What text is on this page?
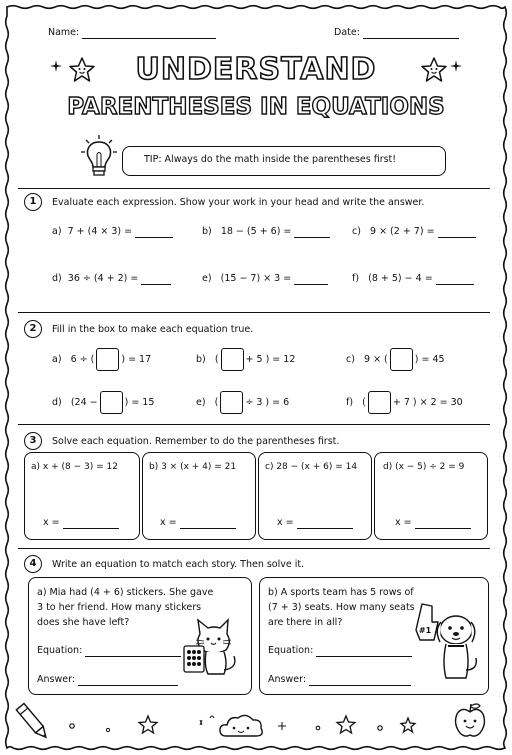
Name:	Date:
UNDERSTAND
PARENTHESES IN EQUATIONS
TIP: Always do the math inside the parentheses first!
1	Evaluate each expression. Show your work in your head and write the answer.
a) 7 + (4 × 3) =	b) 18 − (5 + 6) =	c) 9 × (2 + 7) =
d) 36 ÷ (4 + 2) =	e) (15 − 7) × 3 =	f) (8 + 5) − 4 =
2	Fill in the box to make each equation true.
a) 6 ÷ (	) = 17	b) (	+ 5 ) = 12	c) 9 × (	) = 45
d) (24 −	) = 15	e) (	÷ 3 ) = 6	f) (	+ 7 ) × 2 = 30
3	Solve each equation. Remember to do the parentheses first.
a) x + (8 − 3) = 12
x =
b) 3 × (x + 4) = 21
x =
c) 28 − (x + 6) = 14
x =
d) (x − 5) ÷ 2 = 9
x =
4	Write an equation to match each story. Then solve it.
a) Mia had (4 + 6) stickers. She gave
3 to her friend. How many stickers
does she have left?
Equation:
Answer:
b) A sports team has 5 rows of
(7 + 3) seats. How many seats
are there in all?
Equation:
Answer:
#1
